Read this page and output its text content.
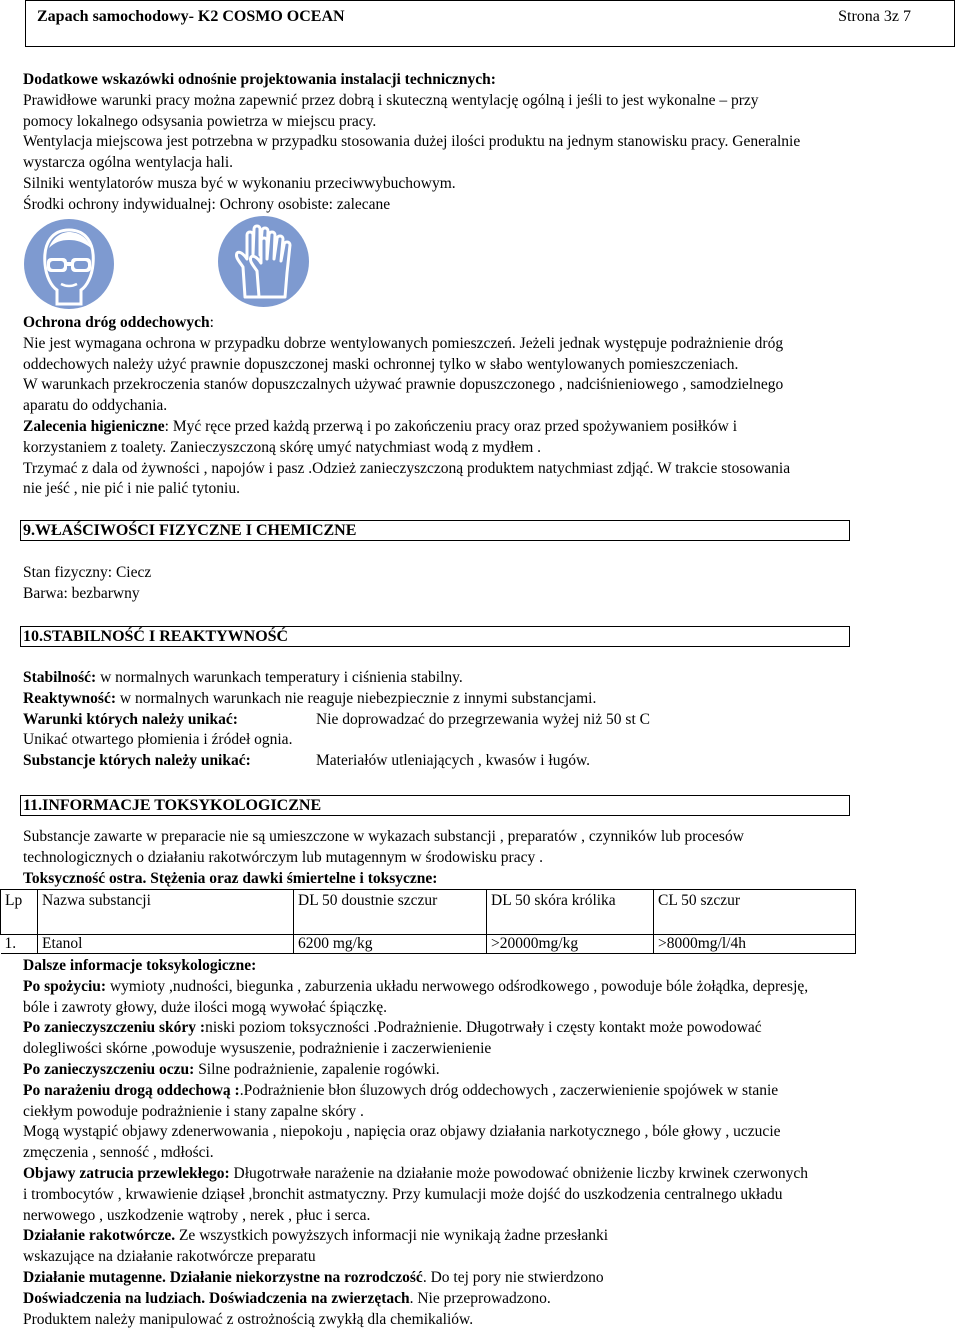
Zapach samochodowy- K2 COSMO OCEAN	Strona 3z 7
Dodatkowe wskazówki odnośnie projektowania instalacji technicznych:
Prawidłowe warunki pracy można zapewnić przez dobrą i skuteczną wentylację ogólną i jeśli to jest wykonalne – przy
pomocy lokalnego odsysania powietrza w miejscu pracy.
Wentylacja miejscowa jest potrzebna w przypadku stosowania dużej ilości produktu na jednym stanowisku pracy. Generalnie
wystarcza ogólna wentylacja hali.
Silniki wentylatorów musza być w wykonaniu przeciwwybuchowym.
Środki ochrony indywidualnej: Ochrony osobiste: zalecane
Ochrona dróg oddechowych:
Nie jest wymagana ochrona w przypadku dobrze wentylowanych pomieszczeń. Jeżeli jednak występuje podrażnienie dróg
oddechowych należy użyć prawnie dopuszczonej maski ochronnej tylko w słabo wentylowanych pomieszczeniach.
W warunkach przekroczenia stanów dopuszczalnych używać prawnie dopuszczonego , nadciśnieniowego , samodzielnego
aparatu do oddychania.
Zalecenia higieniczne: Myć ręce przed każdą przerwą i po zakończeniu pracy oraz przed spożywaniem posiłków i
korzystaniem z toalety. Zanieczyszczoną skórę umyć natychmiast wodą z mydłem .
Trzymać z dala od żywności , napojów i pasz .Odzież zanieczyszczoną produktem natychmiast zdjąć. W trakcie stosowania
nie jeść , nie pić i nie palić tytoniu.
9.WŁAŚCIWOŚCI FIZYCZNE I CHEMICZNE
Stan fizyczny: Ciecz
Barwa: bezbarwny
10.STABILNOŚĆ I REAKTYWNOŚĆ
Stabilność: w normalnych warunkach temperatury i ciśnienia stabilny.
Reaktywność: w normalnych warunkach nie reaguje niebezpiecznie z innymi substancjami.
Warunki których należy unikać:	Nie doprowadzać do przegrzewania wyżej niż 50 st C
Unikać otwartego płomienia i źródeł ognia.
Substancje których należy unikać:	Materiałów utleniających , kwasów i ługów.
11.INFORMACJE TOKSYKOLOGICZNE
Substancje zawarte w preparacie nie są umieszczone w wykazach substancji , preparatów , czynników lub procesów
technologicznych o działaniu rakotwórczym lub mutagennym w środowisku pracy .
Toksyczność ostra. Stężenia oraz dawki śmiertelne i toksyczne:
Lp	Nazwa substancji	DL 50 doustnie szczur	DL 50 skóra królika	CL 50 szczur
1.	Etanol	6200 mg/kg	>20000mg/kg	>8000mg/l/4h
Dalsze informacje toksykologiczne:
Po spożyciu: wymioty ,nudności, biegunka , zaburzenia układu nerwowego odśrodkowego , powoduje bóle żołądka, depresję,
bóle i zawroty głowy, duże ilości mogą wywołać śpiączkę.
Po zanieczyszczeniu skóry :niski poziom toksyczności .Podrażnienie. Długotrwały i częsty kontakt może powodować
dolegliwości skórne ,powoduje wysuszenie, podrażnienie i zaczerwienienie
Po zanieczyszczeniu oczu: Silne podrażnienie, zapalenie rogówki.
Po narażeniu drogą oddechową :.Podrażnienie błon śluzowych dróg oddechowych , zaczerwienienie spojówek w stanie
ciekłym powoduje podrażnienie i stany zapalne skóry .
Mogą wystąpić objawy zdenerwowania , niepokoju , napięcia oraz objawy działania narkotycznego , bóle głowy , uczucie
zmęczenia , senność , mdłości.
Objawy zatrucia przewlekłego: Długotrwałe narażenie na działanie może powodować obniżenie liczby krwinek czerwonych
i trombocytów , krwawienie dziąseł ,bronchit astmatyczny. Przy kumulacji może dojść do uszkodzenia centralnego układu
nerwowego , uszkodzenie wątroby , nerek , płuc i serca.
Działanie rakotwórcze. Ze wszystkich powyższych informacji nie wynikają żadne przesłanki
wskazujące na działanie rakotwórcze preparatu
Działanie mutagenne. Działanie niekorzystne na rozrodczość. Do tej pory nie stwierdzono
Doświadczenia na ludziach. Doświadczenia na zwierzętach. Nie przeprowadzono.
Produktem należy manipulować z ostrożnością zwykłą dla chemikaliów.
